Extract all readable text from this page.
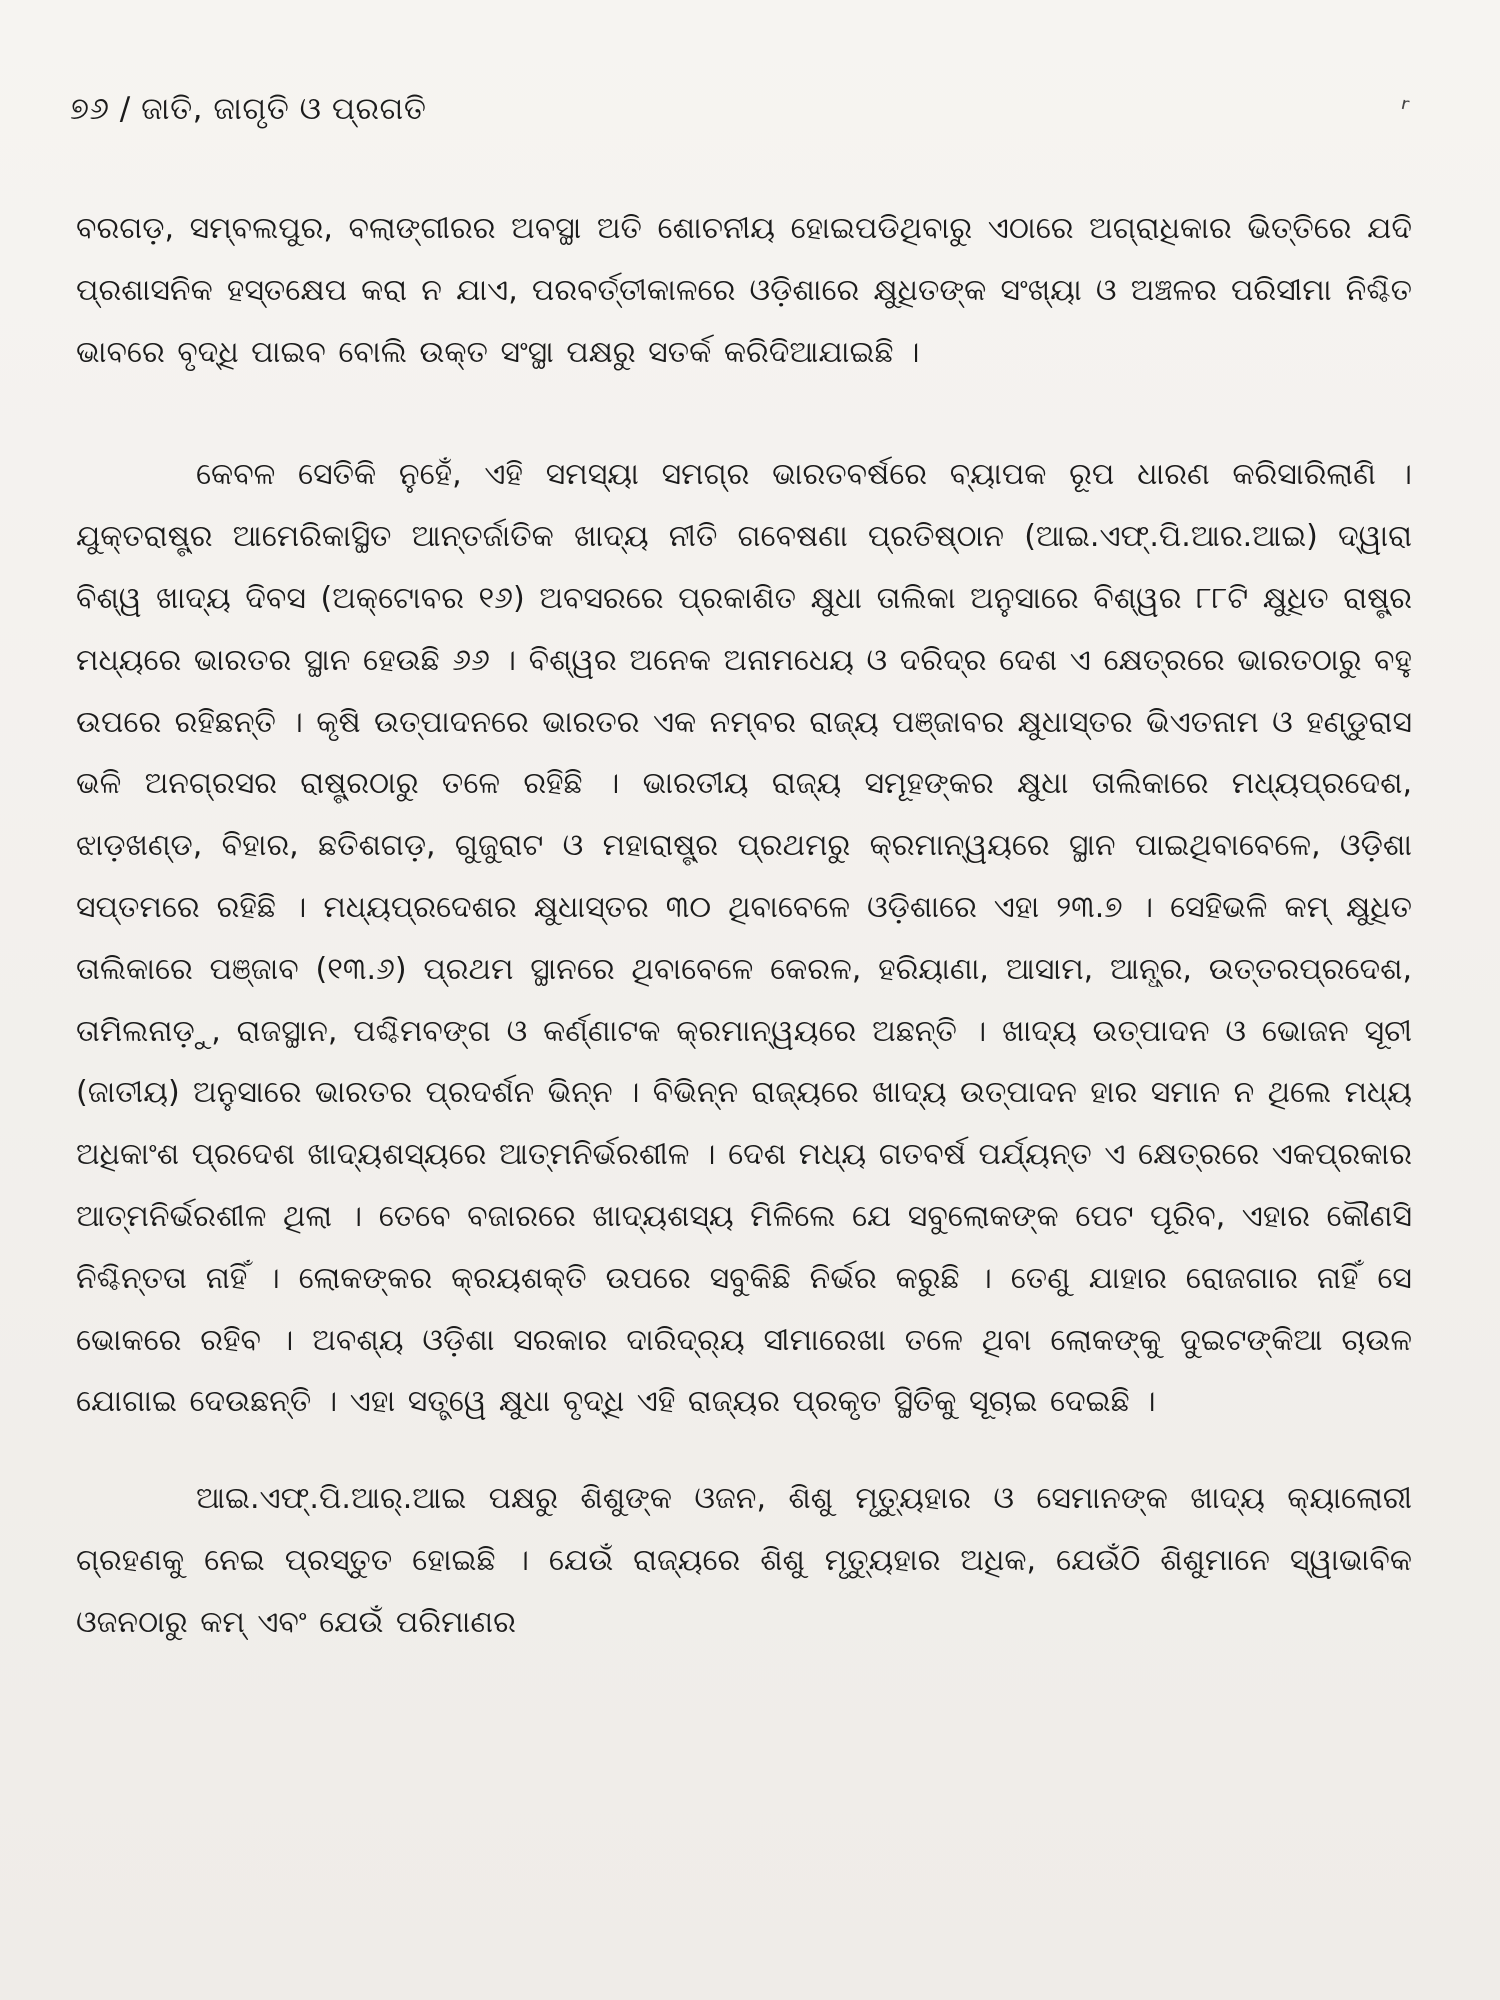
୭୬ / ଜାତି, ଜାଗୃତି ଓ ପ୍ରଗତି	ʳ

ବରଗଡ଼, ସମ୍ବଲପୁର, ବଲାଙ୍ଗୀରର ଅବସ୍ଥା ଅତି ଶୋଚନୀୟ ହୋଇପଡିଥିବାରୁ ଏଠାରେ ଅଗ୍ରାଧିକାର ଭିତ୍ତିରେ ଯଦି ପ୍ରଶାସନିକ ହସ୍ତକ୍ଷେପ କରା ନ ଯାଏ, ପରବର୍ତ୍ତୀକାଳରେ ଓଡ଼ିଶାରେ କ୍ଷୁଧିତଙ୍କ ସଂଖ୍ୟା ଓ ଅଞ୍ଚଳର ପରିସୀମା ନିଶ୍ଚିତ ଭାବରେ ବୃଦ୍ଧି ପାଇବ ବୋଲି ଉକ୍ତ ସଂସ୍ଥା ପକ୍ଷରୁ ସତର୍କ କରିଦିଆଯାଇଛି ।

କେବଳ ସେତିକି ନୁହେଁ, ଏହି ସମସ୍ୟା ସମଗ୍ର ଭାରତବର୍ଷରେ ବ୍ୟାପକ ରୂପ ଧାରଣ କରିସାରିଲାଣି । ଯୁକ୍ତରାଷ୍ଟ୍ର ଆମେରିକାସ୍ଥିତ ଆନ୍ତର୍ଜାତିକ ଖାଦ୍ୟ ନୀତି ଗବେଷଣା ପ୍ରତିଷ୍ଠାନ (ଆଇ.ଏଫ୍.ପି.ଆର.ଆଇ) ଦ୍ୱାରା ବିଶ୍ୱ ଖାଦ୍ୟ ଦିବସ (ଅକ୍ଟୋବର ୧୬) ଅବସରରେ ପ୍ରକାଶିତ କ୍ଷୁଧା ତାଲିକା ଅନୁସାରେ ବିଶ୍ୱର ୮୮ଟି କ୍ଷୁଧିତ ରାଷ୍ଟ୍ର ମଧ୍ୟରେ ଭାରତର ସ୍ଥାନ ହେଉଛି ୬୬ । ବିଶ୍ୱର ଅନେକ ଅନାମଧେୟ ଓ ଦରିଦ୍ର ଦେଶ ଏ କ୍ଷେତ୍ରରେ ଭାରତଠାରୁ ବହୁ ଉପରେ ରହିଛନ୍ତି । କୃଷି ଉତ୍ପାଦନରେ ଭାରତର ଏକ ନମ୍ବର ରାଜ୍ୟ ପଞ୍ଜାବର କ୍ଷୁଧାସ୍ତର ଭିଏତନାମ ଓ ହଣ୍ଡୁରାସ ଭଳି ଅନଗ୍ରସର ରାଷ୍ଟ୍ରଠାରୁ ତଳେ ରହିଛି । ଭାରତୀୟ ରାଜ୍ୟ ସମୂହଙ୍କର କ୍ଷୁଧା ତାଲିକାରେ ମଧ୍ୟପ୍ରଦେଶ, ଝାଡ଼ଖଣ୍ଡ, ବିହାର, ଛତିଶଗଡ଼, ଗୁଜୁରାଟ ଓ ମହାରାଷ୍ଟ୍ର ପ୍ରଥମରୁ କ୍ରମାନ୍ୱୟରେ ସ୍ଥାନ ପାଇଥିବାବେଳେ, ଓଡ଼ିଶା ସପ୍ତମରେ ରହିଛି । ମଧ୍ୟପ୍ରଦେଶର କ୍ଷୁଧାସ୍ତର ୩୦ ଥିବାବେଳେ ଓଡ଼ିଶାରେ ଏହା ୨୩.୭ । ସେହିଭଳି କମ୍ କ୍ଷୁଧିତ ତାଲିକାରେ ପଞ୍ଜାବ (୧୩.୬) ପ୍ରଥମ ସ୍ଥାନରେ ଥିବାବେଳେ କେରଳ, ହରିୟାଣା, ଆସାମ, ଆନ୍ଧ୍ର, ଉତ୍ତରପ୍ରଦେଶ, ତାମିଲନାଡ଼ୁ, ରାଜସ୍ଥାନ, ପଶ୍ଚିମବଙ୍ଗ ଓ କର୍ଣ୍ଣାଟକ କ୍ରମାନ୍ୱୟରେ ଅଛନ୍ତି । ଖାଦ୍ୟ ଉତ୍ପାଦନ ଓ ଭୋଜନ ସୂଚୀ (ଜାତୀୟ) ଅନୁସାରେ ଭାରତର ପ୍ରଦର୍ଶନ ଭିନ୍ନ । ବିଭିନ୍ନ ରାଜ୍ୟରେ ଖାଦ୍ୟ ଉତ୍ପାଦନ ହାର ସମାନ ନ ଥିଲେ ମଧ୍ୟ ଅଧିକାଂଶ ପ୍ରଦେଶ ଖାଦ୍ୟଶସ୍ୟରେ ଆତ୍ମନିର୍ଭରଶୀଳ । ଦେଶ ମଧ୍ୟ ଗତବର୍ଷ ପର୍ଯ୍ୟନ୍ତ ଏ କ୍ଷେତ୍ରରେ ଏକପ୍ରକାର ଆତ୍ମନିର୍ଭରଶୀଳ ଥିଲା । ତେବେ ବଜାରରେ ଖାଦ୍ୟଶସ୍ୟ ମିଳିଲେ ଯେ ସବୁଲୋକଙ୍କ ପେଟ ପୂରିବ, ଏହାର କୌଣସି ନିଶ୍ଚିନ୍ତତା ନାହିଁ । ଲୋକଙ୍କର କ୍ରୟଶକ୍ତି ଉପରେ ସବୁକିଛି ନିର୍ଭର କରୁଛି । ତେଣୁ ଯାହାର ରୋଜଗାର ନାହିଁ ସେ ଭୋକରେ ରହିବ । ଅବଶ୍ୟ ଓଡ଼ିଶା ସରକାର ଦାରିଦ୍ର୍ୟ ସୀମାରେଖା ତଳେ ଥିବା ଲୋକଙ୍କୁ ଦୁଇଟଙ୍କିଆ ଚାଉଳ ଯୋଗାଇ ଦେଉଛନ୍ତି । ଏହା ସତ୍ତ୍ୱେ କ୍ଷୁଧା ବୃଦ୍ଧି ଏହି ରାଜ୍ୟର ପ୍ରକୃତ ସ୍ଥିତିକୁ ସୂଚାଇ ଦେଇଛି ।

ଆଇ.ଏଫ୍.ପି.ଆର୍.ଆଇ ପକ୍ଷରୁ ଶିଶୁଙ୍କ ଓଜନ, ଶିଶୁ ମୃତ୍ୟୁହାର ଓ ସେମାନଙ୍କ ଖାଦ୍ୟ କ୍ୟାଲୋରୀ ଗ୍ରହଣକୁ ନେଇ ପ୍ରସ୍ତୁତ ହୋଇଛି । ଯେଉଁ ରାଜ୍ୟରେ ଶିଶୁ ମୃତ୍ୟୁହାର ଅଧିକ, ଯେଉଁଠି ଶିଶୁମାନେ ସ୍ୱାଭାବିକ ଓଜନଠାରୁ କମ୍ ଏବଂ ଯେଉଁ ପରିମାଣର
